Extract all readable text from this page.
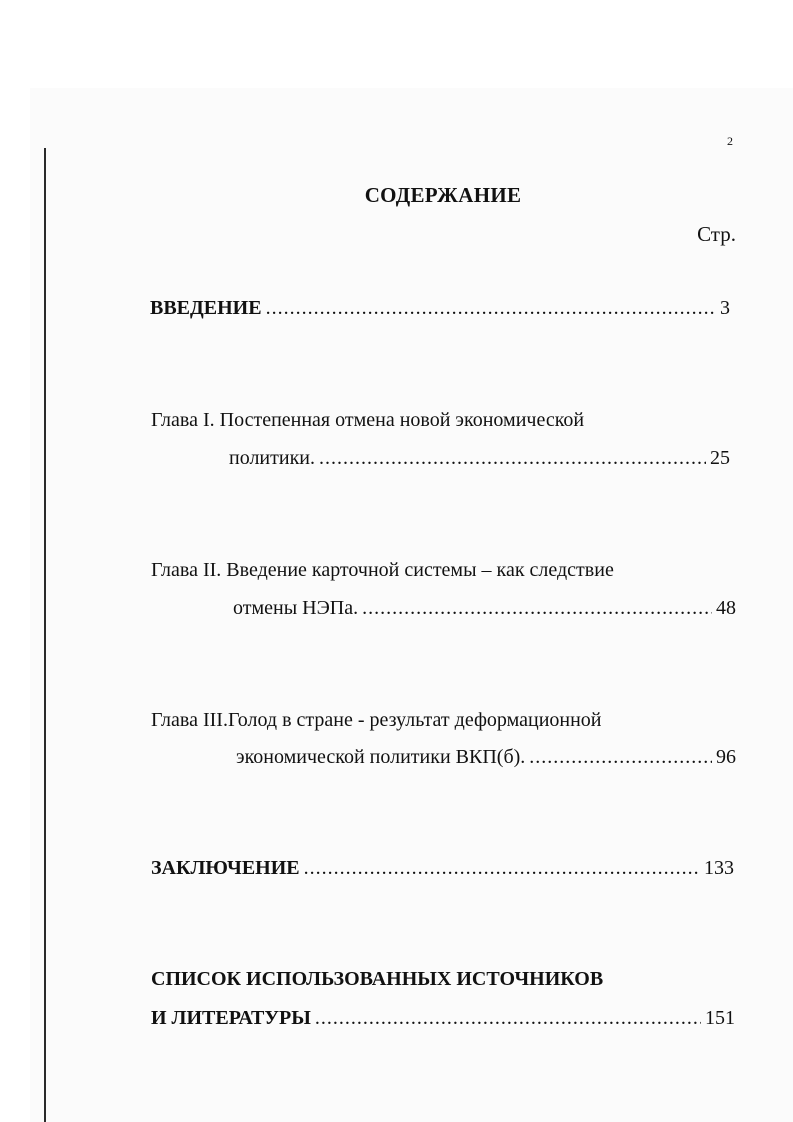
2
СОДЕРЖАНИЕ
Стр.
ВВЕДЕНИЕ .....	3
Глава I. Постепенная отмена новой экономической
политики. .....	25
Глава II. Введение карточной системы – как следствие
отмены НЭПа. .....	48
Глава III.Голод в стране - результат деформационной
экономической политики ВКП(б). .....	96
ЗАКЛЮЧЕНИЕ .....	133
СПИСОК ИСПОЛЬЗОВАННЫХ ИСТОЧНИКОВ
И ЛИТЕРАТУРЫ .....	151
